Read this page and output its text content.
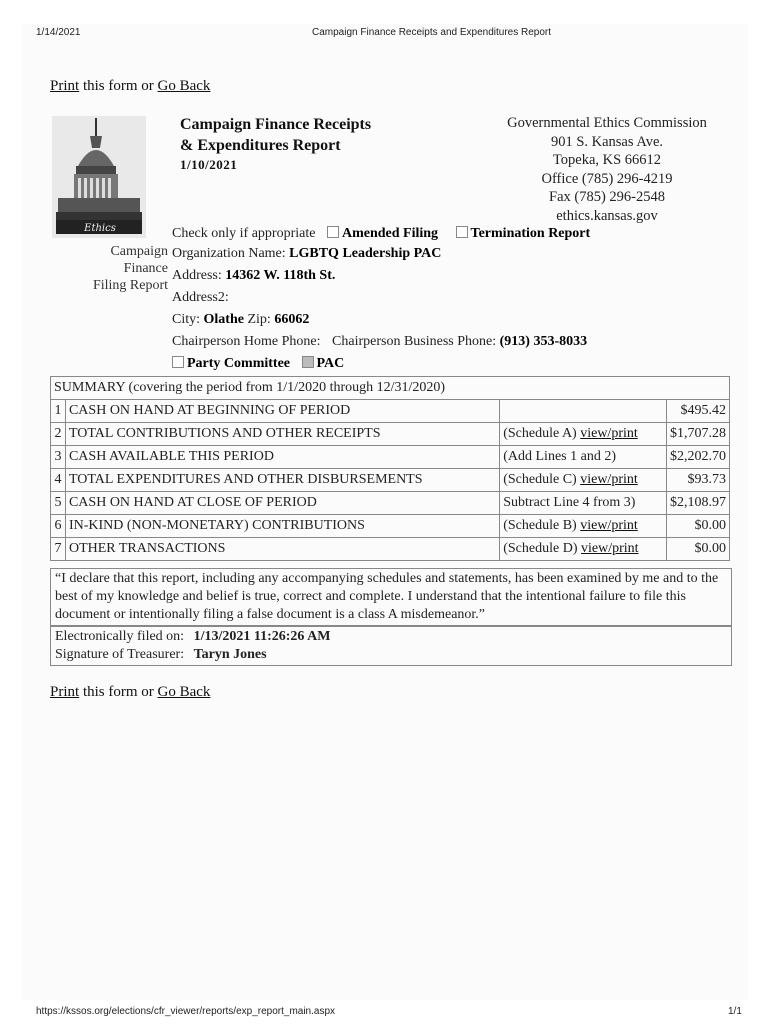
1/14/2021	Campaign Finance Receipts and Expenditures Report
Print this form or Go Back
Ethics
Campaign Finance Receipts
& Expenditures Report
1/10/2021
Governmental Ethics Commission
901 S. Kansas Ave.
Topeka, KS 66612
Office (785) 296-4219
Fax (785) 296-2548
ethics.kansas.gov
Check only if appropriate Amended Filing Termination Report
Campaign
Finance
Filing Report
Organization Name: LGBTQ Leadership PAC
Address: 14362 W. 118th St.
Address2:
City: Olathe Zip: 66062
Chairperson Home Phone: Chairperson Business Phone: (913) 353-8033
Party Committee PAC
SUMMARY (covering the period from 1/1/2020 through 12/31/2020)			
1	CASH ON HAND AT BEGINNING OF PERIOD		$495.42
2	TOTAL CONTRIBUTIONS AND OTHER RECEIPTS	(Schedule A) view/print	$1,707.28
3	CASH AVAILABLE THIS PERIOD	(Add Lines 1 and 2)	$2,202.70
4	TOTAL EXPENDITURES AND OTHER DISBURSEMENTS	(Schedule C) view/print	$93.73
5	CASH ON HAND AT CLOSE OF PERIOD	Subtract Line 4 from 3)	$2,108.97
6	IN-KIND (NON-MONETARY) CONTRIBUTIONS	(Schedule B) view/print	$0.00
7	OTHER TRANSACTIONS	(Schedule D) view/print	$0.00
“I declare that this report, including any accompanying schedules and statements, has been examined by me and to the best of my knowledge and belief is true, correct and complete. I understand that the intentional failure to file this document or intentionally filing a false document is a class A misdemeanor.”
Electronically filed on: 1/13/2021 11:26:26 AM
Signature of Treasurer: Taryn Jones
Print this form or Go Back
https://kssos.org/elections/cfr_viewer/reports/exp_report_main.aspx	1/1
